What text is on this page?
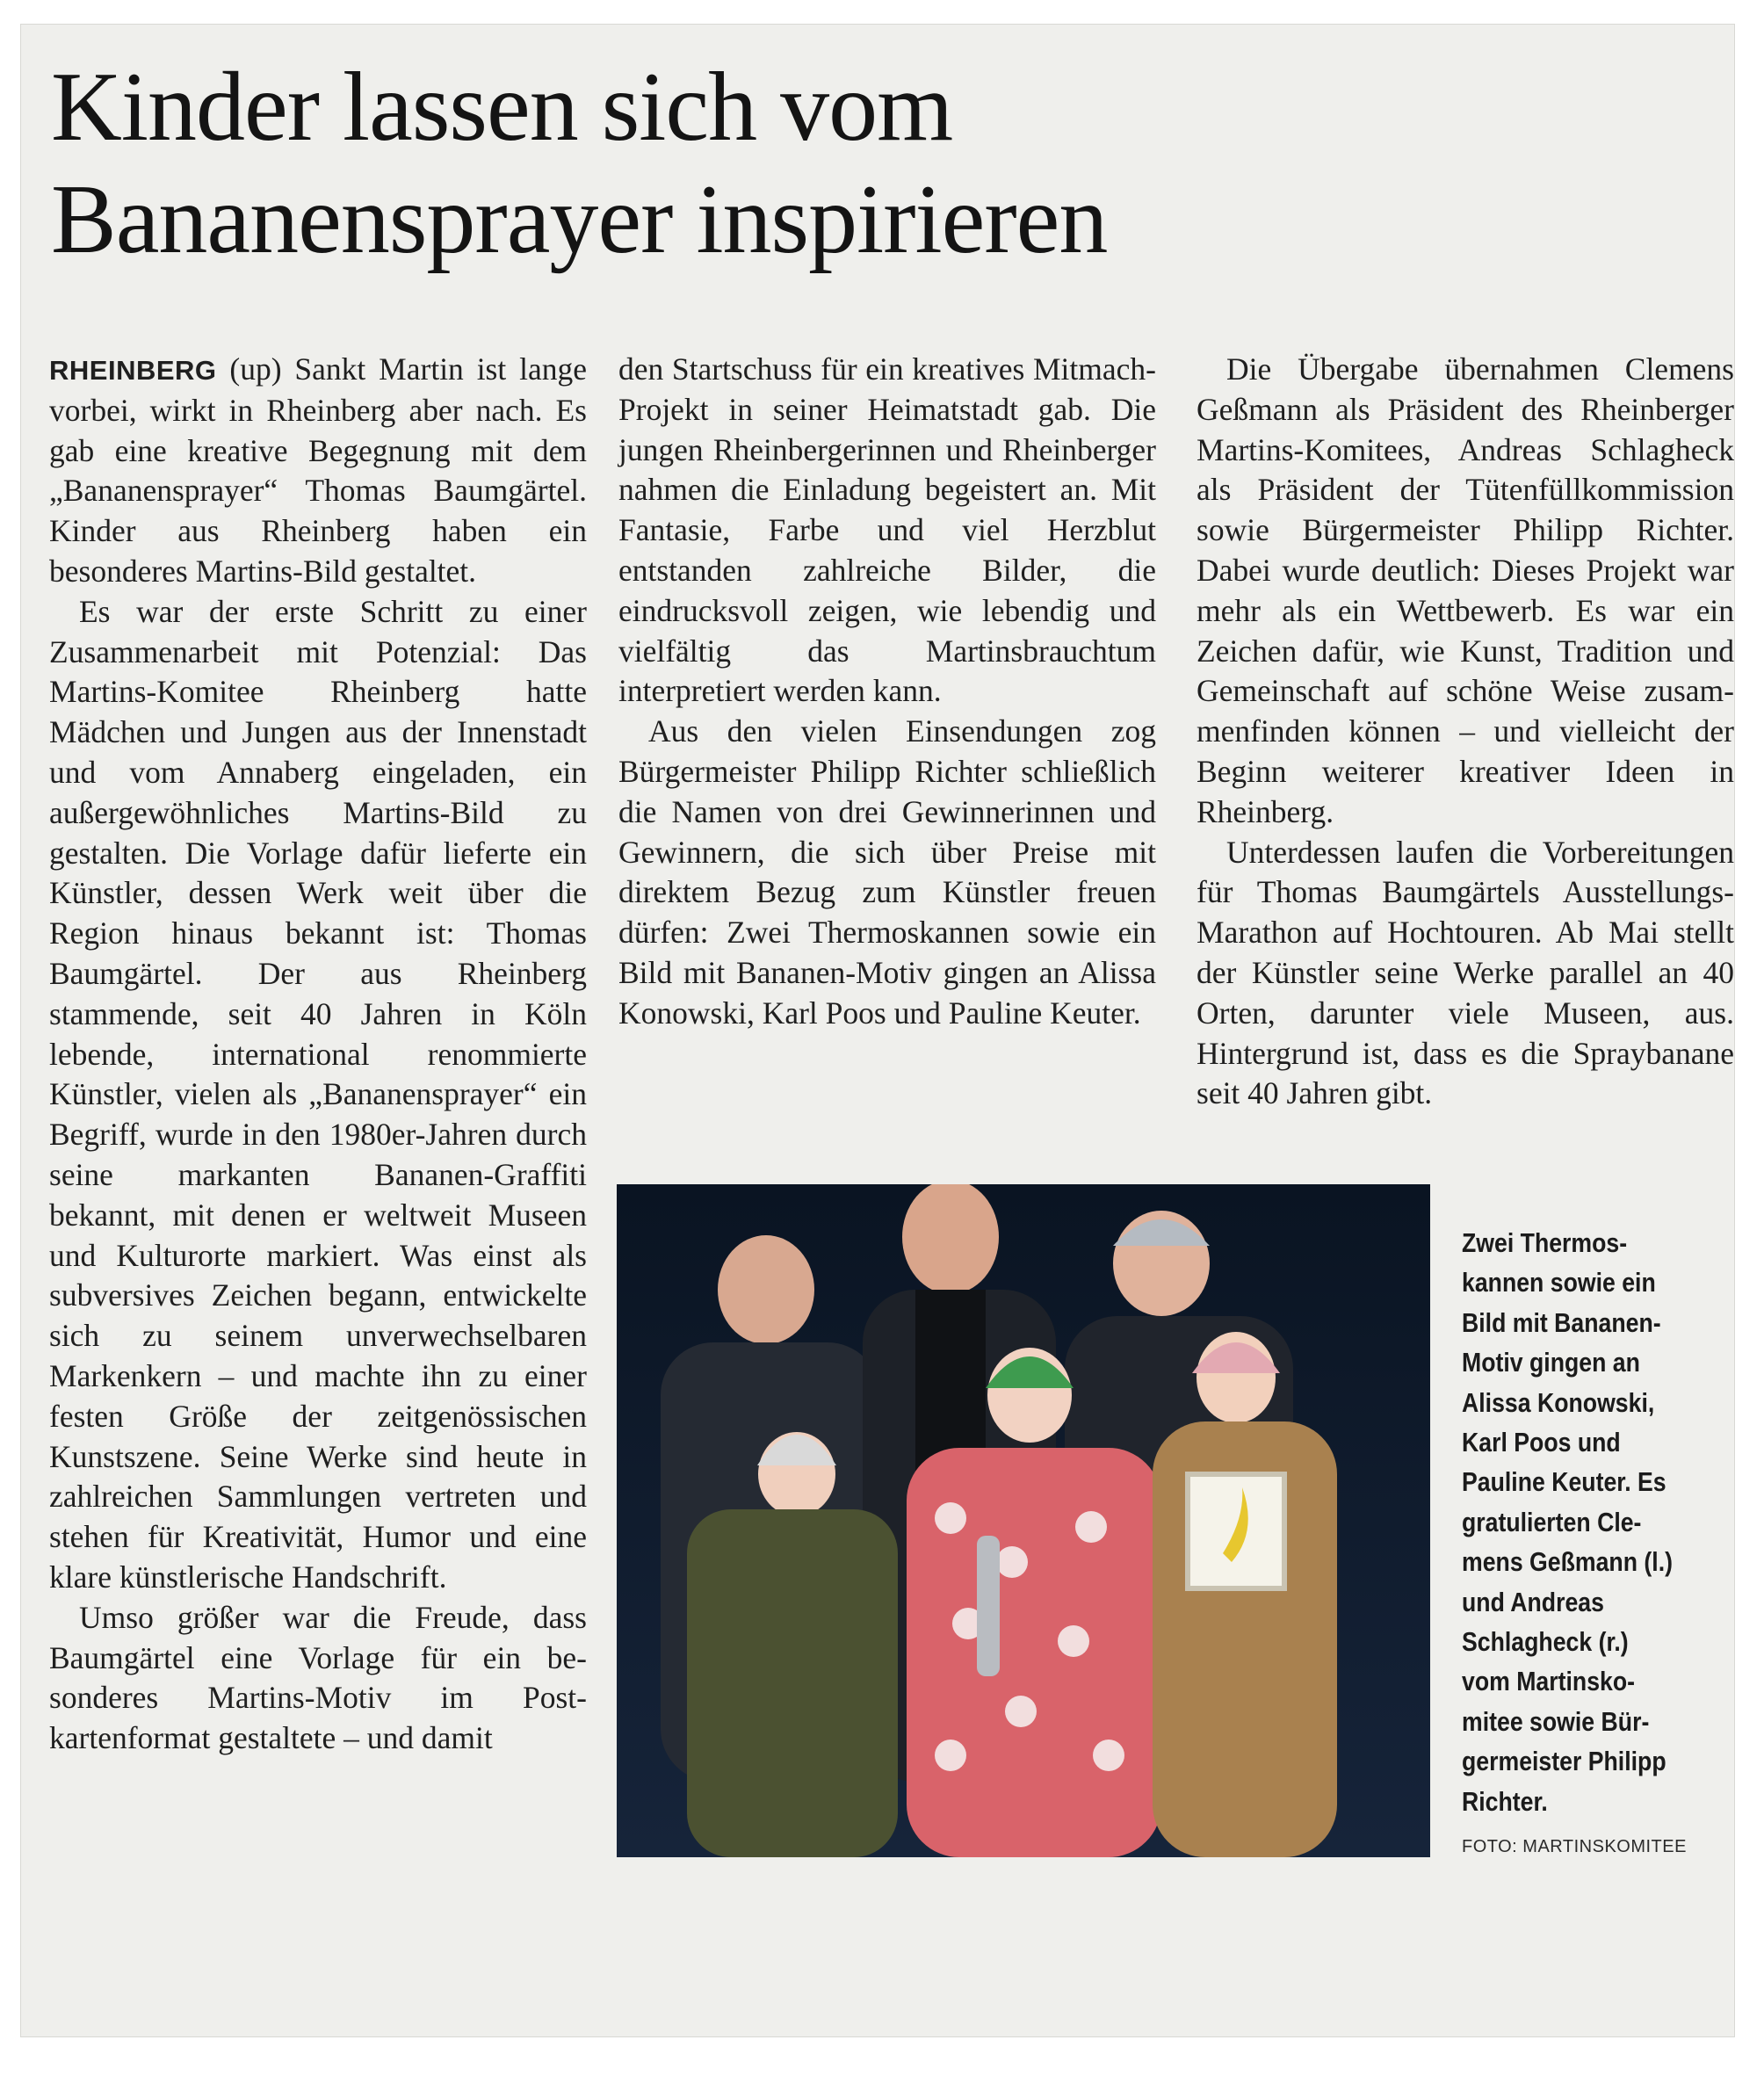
Kinder lassen sich vom
Bananensprayer inspirieren

RHEINBERG (up) Sankt Martin ist lange vorbei, wirkt in Rheinberg aber nach. Es gab eine kreative Begegnung mit dem „Bananensprayer“ Thomas Baumgärtel. Kinder aus Rheinberg haben ein besonderes Martins-Bild gestaltet.

Es war der erste Schritt zu einer Zusammenarbeit mit Potenzial: Das Martins-Komitee Rheinberg hatte Mädchen und Jungen aus der Innenstadt und vom Annaberg eingeladen, ein außergewöhnliches Martins-Bild zu gestalten. Die Vorlage dafür lieferte ein Künstler, dessen Werk weit über die Region hinaus bekannt ist: Thomas Baumgärtel. Der aus Rheinberg stammende, seit 40 Jahren in Köln lebende, international renommierte Künstler, vielen als „Bananensprayer“ ein Begriff, wurde in den 1980er-Jahren durch seine markanten Bananen-Graffiti bekannt, mit denen er weltweit Museen und Kulturorte markiert. Was einst als subversives Zeichen begann, entwickelte sich zu seinem unverwechselbaren Markenkern – und machte ihn zu einer festen Größe der zeitgenössischen Kunstszene. Seine Werke sind heute in zahlreichen Sammlungen vertreten und stehen für Kreativität, Humor und eine klare künstlerische Handschrift.

Umso größer war die Freude, dass Baumgärtel eine Vorlage für ein besonderes Martins-Motiv im Postkartenformat gestaltete – und damit

den Startschuss für ein kreatives Mitmach-Projekt in seiner Heimatstadt gab. Die jungen Rheinbergerinnen und Rheinberger nahmen die Einladung begeistert an. Mit Fantasie, Farbe und viel Herzblut entstanden zahlreiche Bilder, die eindrucksvoll zeigen, wie lebendig und vielfältig das Martinsbrauchtum interpretiert werden kann.

Aus den vielen Einsendungen zog Bürgermeister Philipp Richter schließlich die Namen von drei Gewinnerinnen und Gewinnern, die sich über Preise mit direktem Bezug zum Künstler freuen dürfen: Zwei Thermoskannen sowie ein Bild mit Bananen-Motiv gingen an Alissa Konowski, Karl Poos und Pauline Keuter.

Die Übergabe übernahmen Clemens Geßmann als Präsident des Rheinberger Martins-Komitees, Andreas Schlagheck als Präsident der Tütenfüllkommission sowie Bürgermeister Philipp Richter. Dabei wurde deutlich: Dieses Projekt war mehr als ein Wettbewerb. Es war ein Zeichen dafür, wie Kunst, Tradition und Gemeinschaft auf schöne Weise zusammenfinden können – und vielleicht der Beginn weiterer kreativer Ideen in Rheinberg.

Unterdessen laufen die Vorbereitungen für Thomas Baumgärtels Ausstellungs-Marathon auf Hochtouren. Ab Mai stellt der Künstler seine Werke parallel an 40 Orten, darunter viele Museen, aus. Hintergrund ist, dass es die Spraybanane seit 40 Jahren gibt.

Zwei Thermoskannen sowie ein Bild mit Bananen-Motiv gingen an Alissa Konowski, Karl Poos und Pauline Keuter. Es gratulierten Clemens Geßmann (l.) und Andreas Schlagheck (r.) vom Martinskomitee sowie Bürgermeister Philipp Richter.

FOTO: MARTINSKOMITEE
